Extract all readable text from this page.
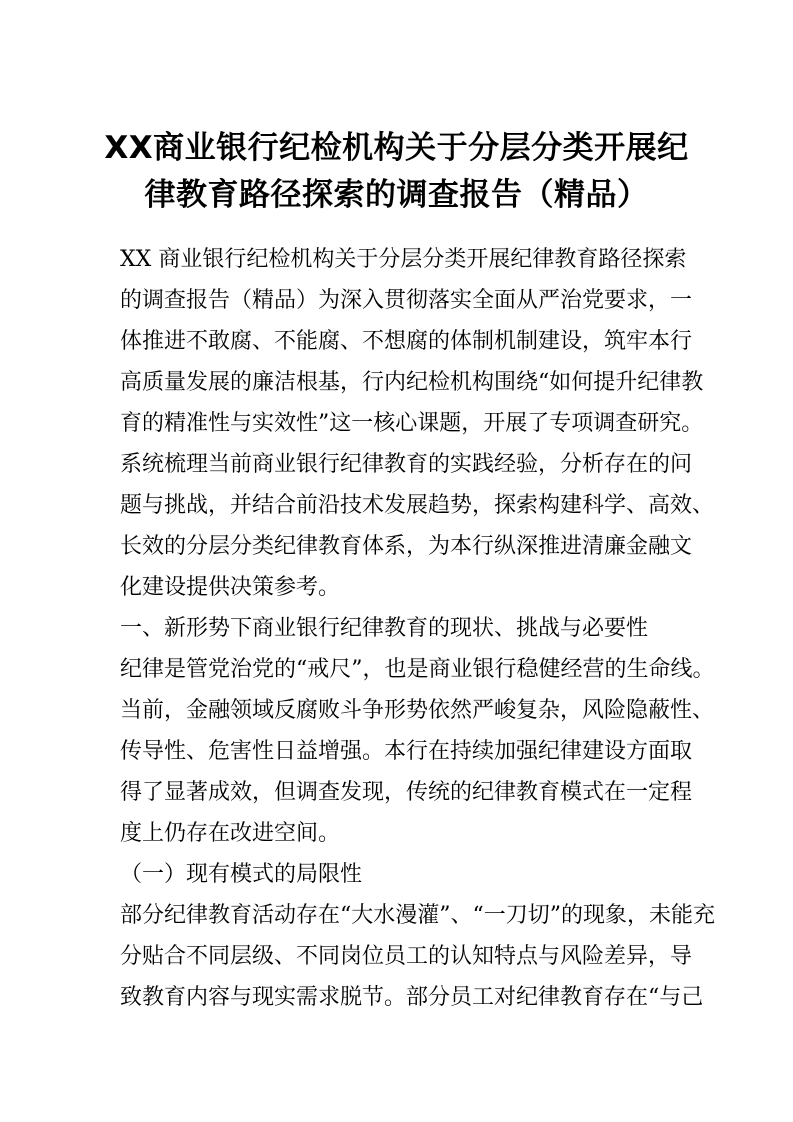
XX商业银行纪检机构关于分层分类开展纪
律教育路径探索的调查报告（精品）
XX 商业银行纪检机构关于分层分类开展纪律教育路径探索
的调查报告（精品）为深入贯彻落实全面从严治党要求，一
体推进不敢腐、不能腐、不想腐的体制机制建设，筑牢本行
高质量发展的廉洁根基，行内纪检机构围绕“如何提升纪律教
育的精准性与实效性”这一核心课题，开展了专项调查研究。
系统梳理当前商业银行纪律教育的实践经验，分析存在的问
题与挑战，并结合前沿技术发展趋势，探索构建科学、高效、
长效的分层分类纪律教育体系，为本行纵深推进清廉金融文
化建设提供决策参考。
一、新形势下商业银行纪律教育的现状、挑战与必要性
纪律是管党治党的“戒尺”，也是商业银行稳健经营的生命线。
当前，金融领域反腐败斗争形势依然严峻复杂，风险隐蔽性、
传导性、危害性日益增强。本行在持续加强纪律建设方面取
得了显著成效，但调查发现，传统的纪律教育模式在一定程
度上仍存在改进空间。
（一）现有模式的局限性
部分纪律教育活动存在“大水漫灌”、“一刀切”的现象，未能充
分贴合不同层级、不同岗位员工的认知特点与风险差异，导
致教育内容与现实需求脱节。部分员工对纪律教育存在“与己
